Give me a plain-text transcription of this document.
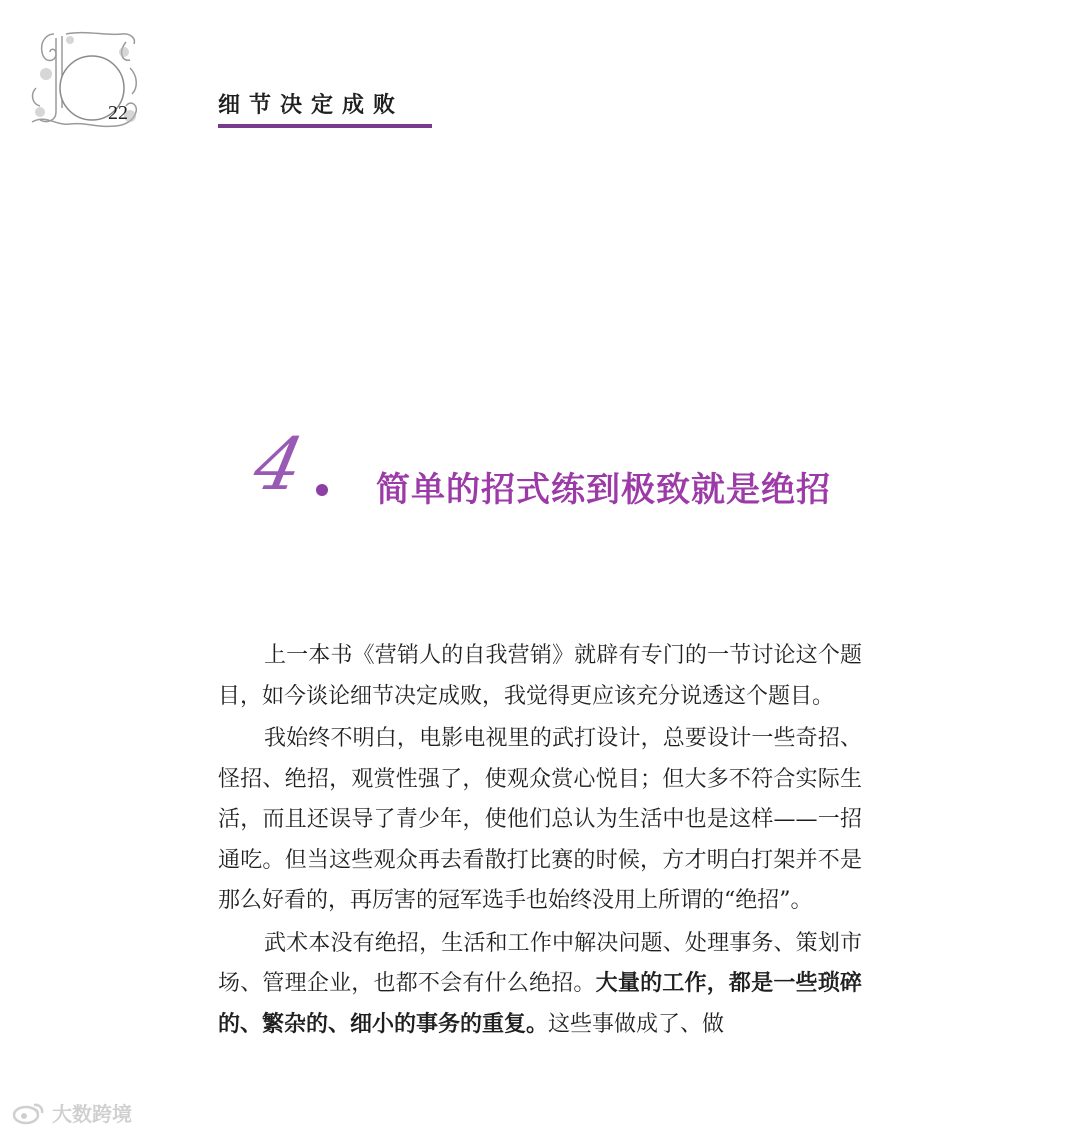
22	细节决定成败
4 简单的招式练到极致就是绝招

上一本书《营销人的自我营销》就辟有专门的一节讨论这个题目，如今谈论细节决定成败，我觉得更应该充分说透这个题目。

我始终不明白，电影电视里的武打设计，总要设计一些奇招、怪招、绝招，观赏性强了，使观众赏心悦目；但大多不符合实际生活，而且还误导了青少年，使他们总认为生活中也是这样——一招通吃。但当这些观众再去看散打比赛的时候，方才明白打架并不是那么好看的，再厉害的冠军选手也始终没用上所谓的“绝招”。

武术本没有绝招，生活和工作中解决问题、处理事务、策划市场、管理企业，也都不会有什么绝招。大量的工作，都是一些琐碎的、繁杂的、细小的事务的重复。这些事做成了、做

大数跨境
